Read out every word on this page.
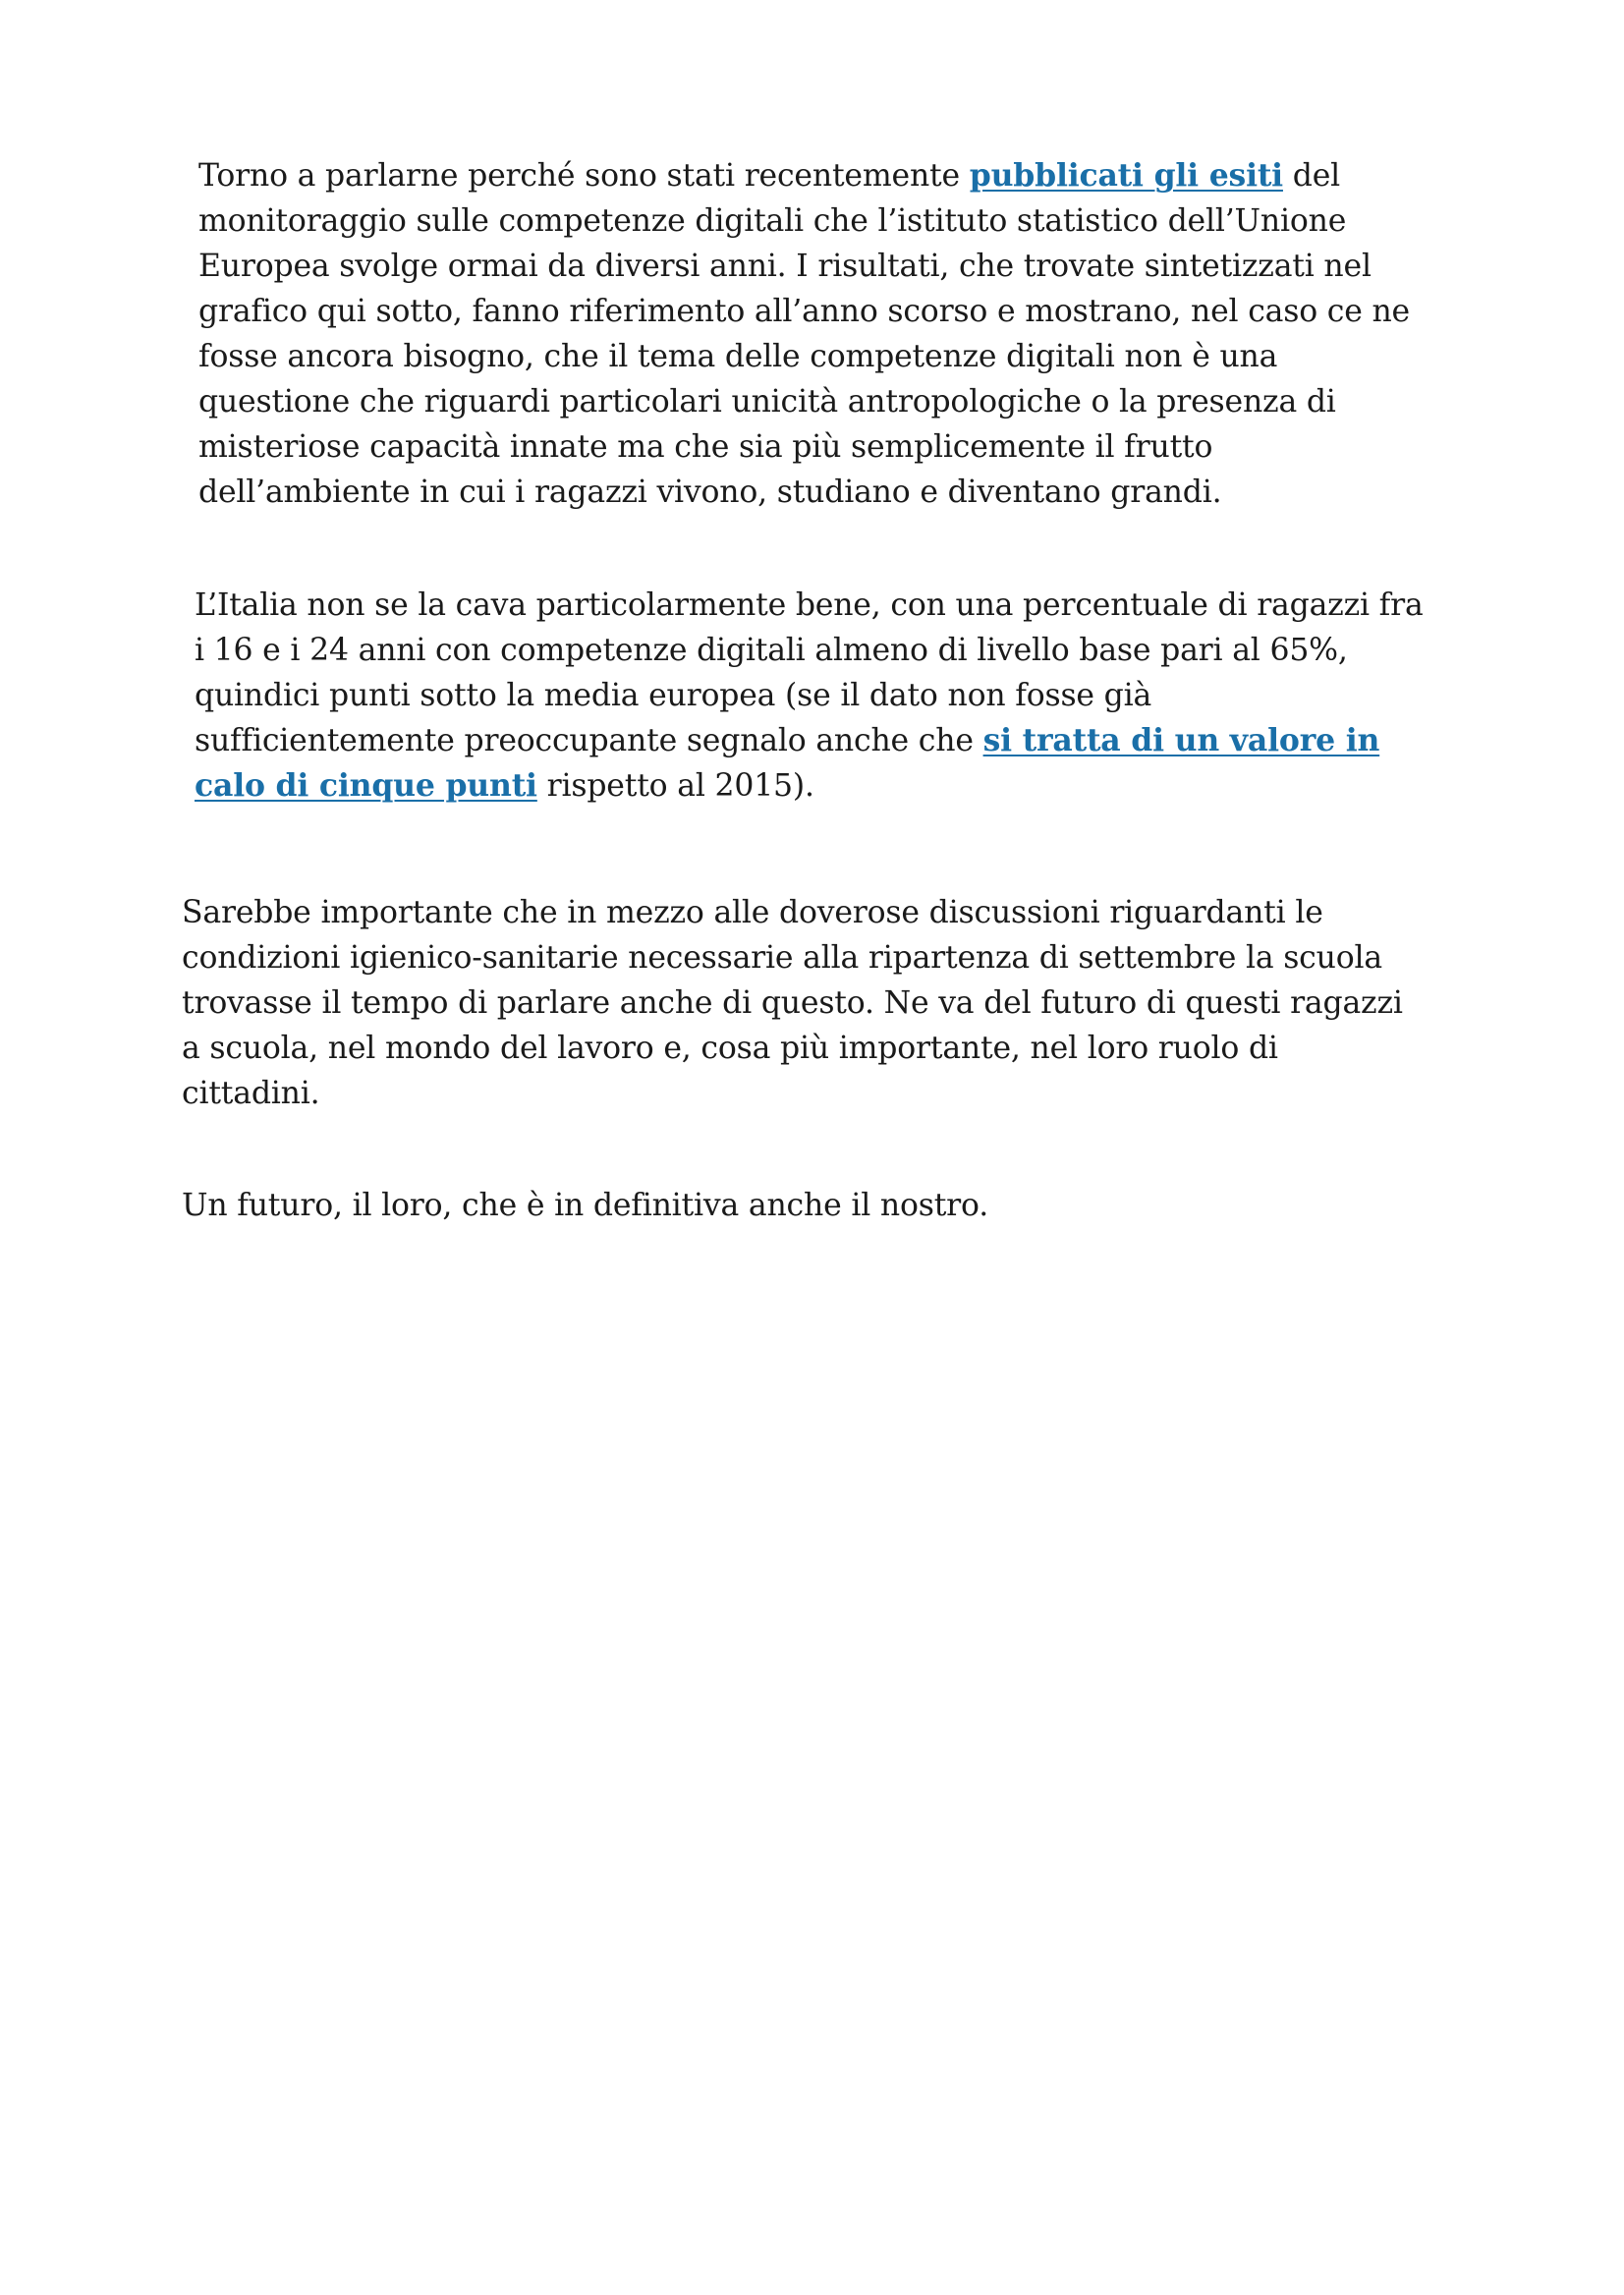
Torno a parlarne perché sono stati recentemente pubblicati gli esiti del
monitoraggio sulle competenze digitali che l’istituto statistico dell’Unione
Europea svolge ormai da diversi anni. I risultati, che trovate sintetizzati nel
grafico qui sotto, fanno riferimento all’anno scorso e mostrano, nel caso ce ne
fosse ancora bisogno, che il tema delle competenze digitali non è una
questione che riguardi particolari unicità antropologiche o la presenza di
misteriose capacità innate ma che sia più semplicemente il frutto
dell’ambiente in cui i ragazzi vivono, studiano e diventano grandi.

L’Italia non se la cava particolarmente bene, con una percentuale di ragazzi fra
i 16 e i 24 anni con competenze digitali almeno di livello base pari al 65%,
quindici punti sotto la media europea (se il dato non fosse già
sufficientemente preoccupante segnalo anche che si tratta di un valore in
calo di cinque punti rispetto al 2015).

Sarebbe importante che in mezzo alle doverose discussioni riguardanti le
condizioni igienico-sanitarie necessarie alla ripartenza di settembre la scuola
trovasse il tempo di parlare anche di questo. Ne va del futuro di questi ragazzi
a scuola, nel mondo del lavoro e, cosa più importante, nel loro ruolo di
cittadini.

Un futuro, il loro, che è in definitiva anche il nostro.
